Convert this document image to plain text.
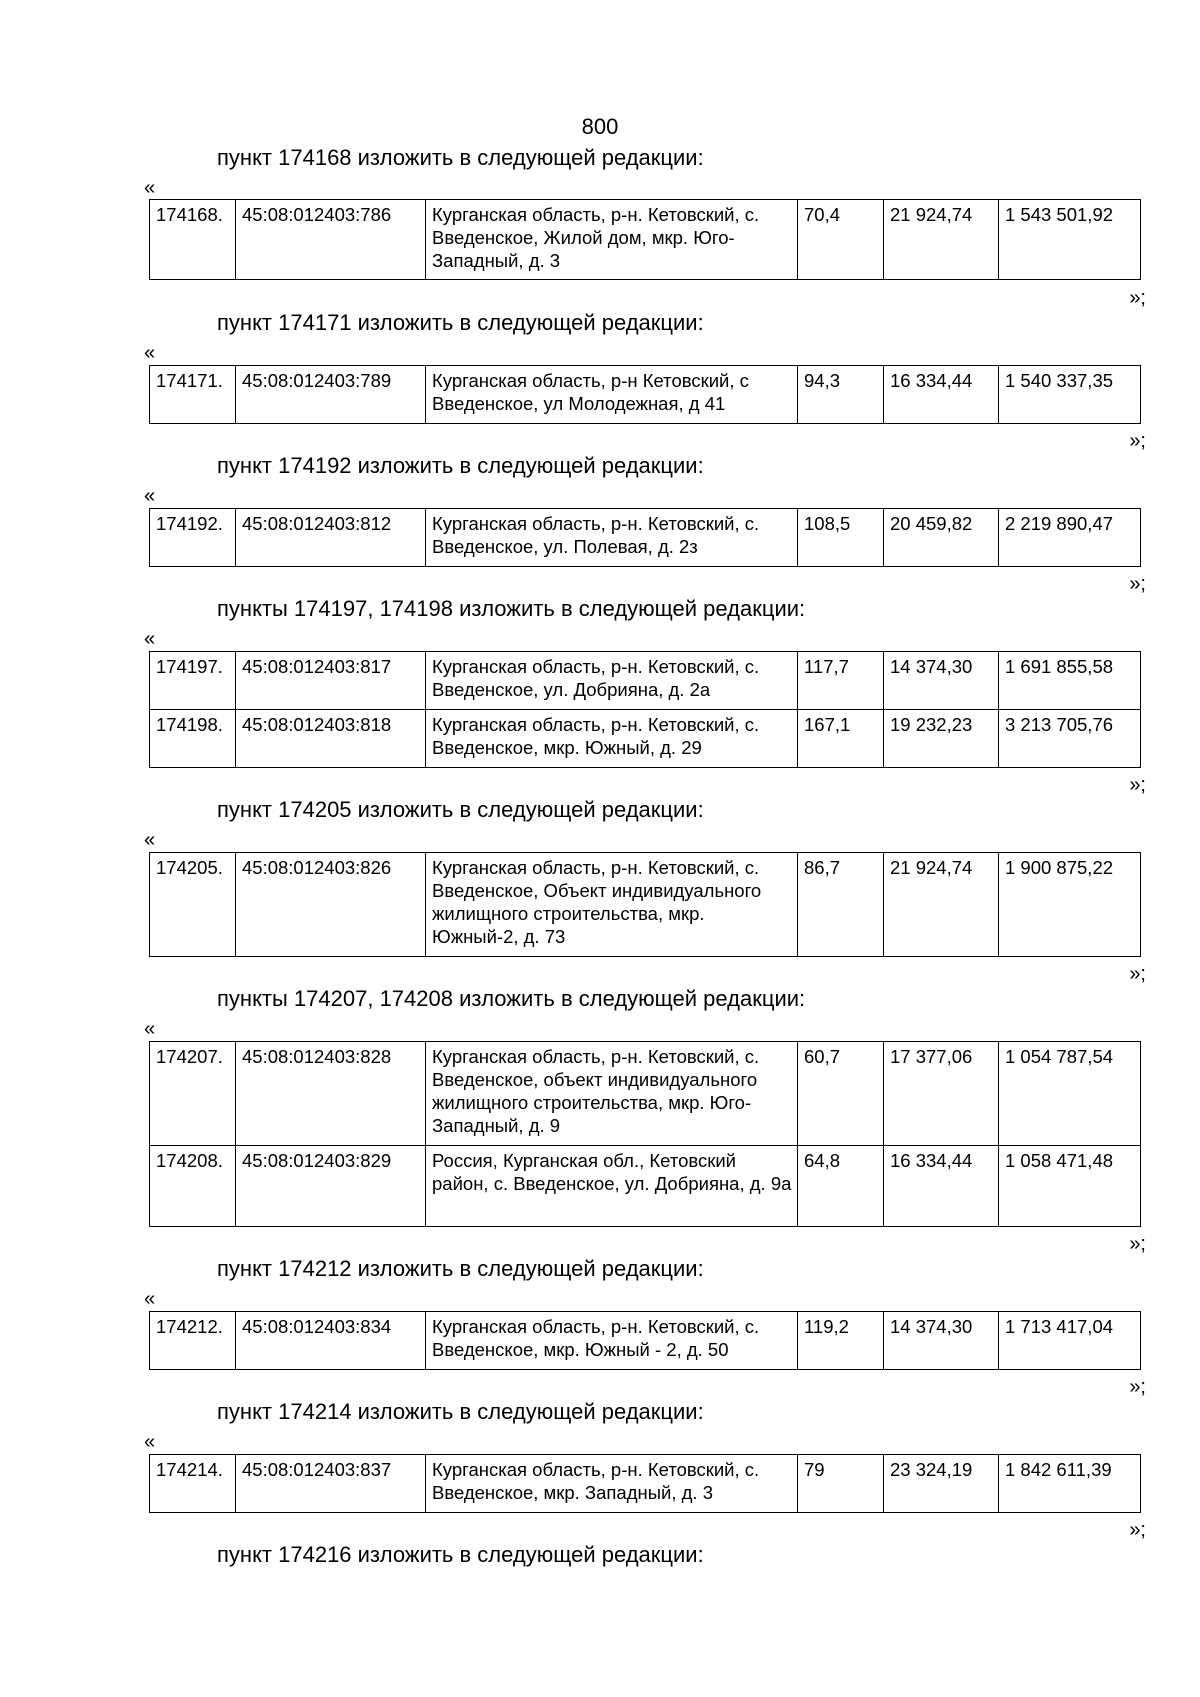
800
пункт 174168 изложить в следующей редакции:
«
174168.	45:08:012403:786	Курганская область, р-н. Кетовский, с. Введенское, Жилой дом, мкр. Юго-Западный, д. 3	70,4	21 924,74	1 543 501,92
»;
пункт 174171 изложить в следующей редакции:
«
174171.	45:08:012403:789	Курганская область, р-н Кетовский, с Введенское, ул Молодежная, д 41	94,3	16 334,44	1 540 337,35
»;
пункт 174192 изложить в следующей редакции:
«
174192.	45:08:012403:812	Курганская область, р-н. Кетовский, с. Введенское, ул. Полевая, д. 2з	108,5	20 459,82	2 219 890,47
»;
пункты 174197, 174198 изложить в следующей редакции:
«
174197.	45:08:012403:817	Курганская область, р-н. Кетовский, с. Введенское, ул. Добрияна, д. 2а	117,7	14 374,30	1 691 855,58
174198.	45:08:012403:818	Курганская область, р-н. Кетовский, с. Введенское, мкр. Южный, д. 29	167,1	19 232,23	3 213 705,76
»;
пункт 174205 изложить в следующей редакции:
«
174205.	45:08:012403:826	Курганская область, р-н. Кетовский, с. Введенское, Объект индивидуального жилищного строительства, мкр. Южный-2, д. 73	86,7	21 924,74	1 900 875,22
»;
пункты 174207, 174208 изложить в следующей редакции:
«
174207.	45:08:012403:828	Курганская область, р-н. Кетовский, с. Введенское, объект индивидуального жилищного строительства, мкр. Юго-Западный, д. 9	60,7	17 377,06	1 054 787,54
174208.	45:08:012403:829	Россия, Курганская обл., Кетовский район, с. Введенское, ул. Добрияна, д. 9а	64,8	16 334,44	1 058 471,48
»;
пункт 174212 изложить в следующей редакции:
«
174212.	45:08:012403:834	Курганская область, р-н. Кетовский, с. Введенское, мкр. Южный - 2, д. 50	119,2	14 374,30	1 713 417,04
»;
пункт 174214 изложить в следующей редакции:
«
174214.	45:08:012403:837	Курганская область, р-н. Кетовский, с. Введенское, мкр. Западный, д. 3	79	23 324,19	1 842 611,39
»;
пункт 174216 изложить в следующей редакции:
